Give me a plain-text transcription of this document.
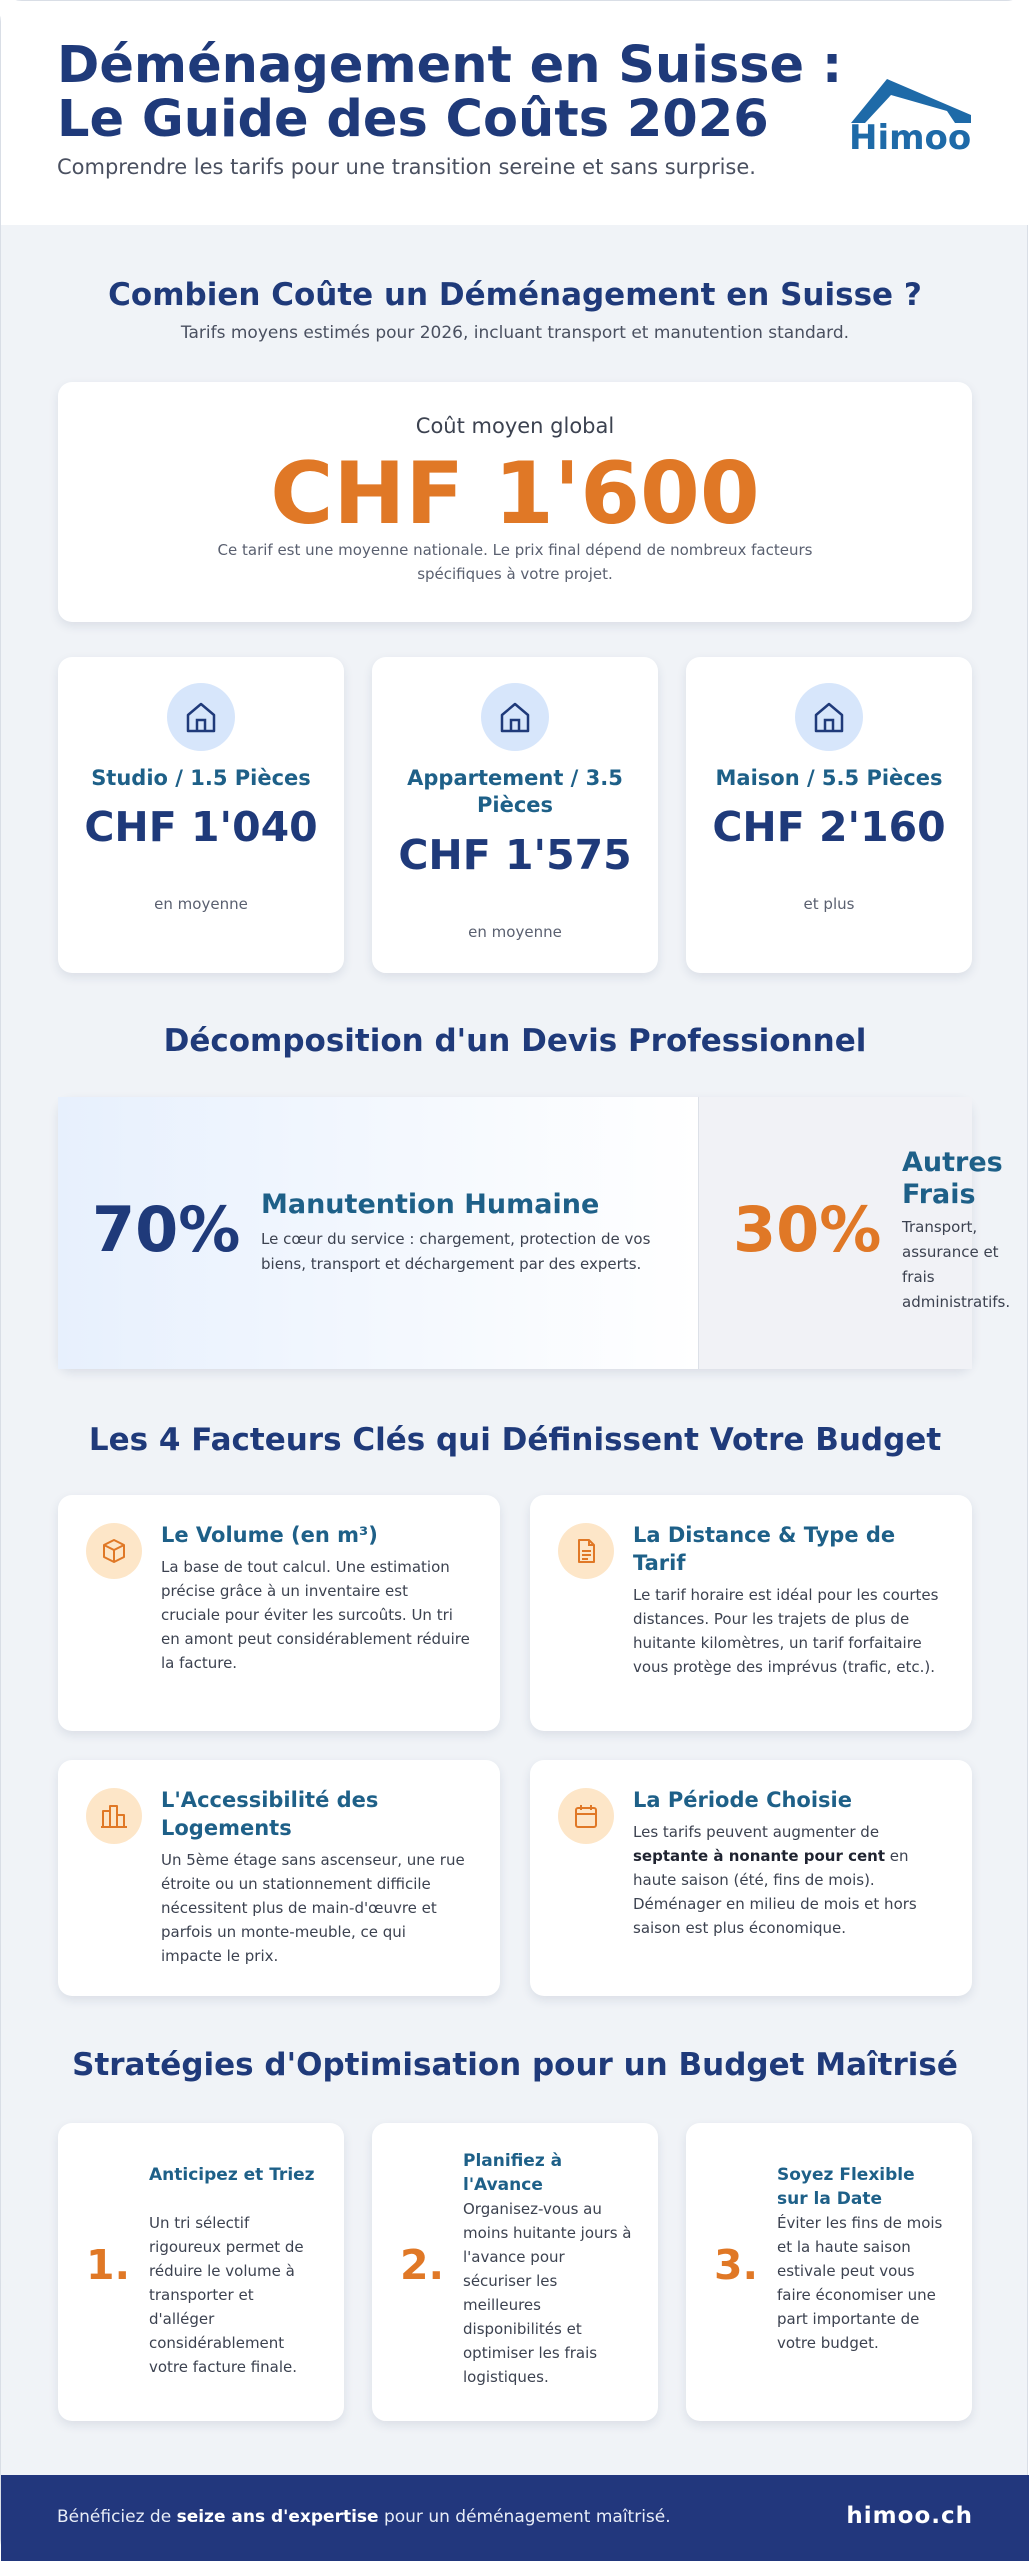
Déménagement en Suisse :
Le Guide des Coûts 2026
Comprendre les tarifs pour une transition sereine et sans surprise.
Himoo
Combien Coûte un Déménagement en Suisse ?
Tarifs moyens estimés pour 2026, incluant transport et manutention standard.
Coût moyen global
CHF 1'600
Ce tarif est une moyenne nationale. Le prix final dépend de nombreux facteurs spécifiques à votre projet.
Studio / 1.5 Pièces
CHF 1'040
en moyenne
Appartement / 3.5 Pièces
CHF 1'575
en moyenne
Maison / 5.5 Pièces
CHF 2'160
et plus
Décomposition d'un Devis Professionnel
70% Manutention Humaine
Le cœur du service : chargement, protection de vos biens, transport et déchargement par des experts.	30%
Autres Frais
Transport, assurance et frais administratifs.
Les 4 Facteurs Clés qui Définissent Votre Budget
Le Volume (en m³)
La base de tout calcul. Une estimation précise grâce à un inventaire est cruciale pour éviter les surcoûts. Un tri en amont peut considérablement réduire la facture.
La Distance & Type de Tarif
Le tarif horaire est idéal pour les courtes distances. Pour les trajets de plus de huitante kilomètres, un tarif forfaitaire vous protège des imprévus (trafic, etc.).
L'Accessibilité des Logements
Un 5ème étage sans ascenseur, une rue étroite ou un stationnement difficile nécessitent plus de main-d'œuvre et parfois un monte-meuble, ce qui impacte le prix.
La Période Choisie
Les tarifs peuvent augmenter de septante à nonante pour cent en haute saison (été, fins de mois). Déménager en milieu de mois et hors saison est plus économique.
Stratégies d'Optimisation pour un Budget Maîtrisé
1.
Anticipez et Triez
Un tri sélectif rigoureux permet de réduire le volume à transporter et d'alléger considérablement votre facture finale.
2.
Planifiez à l'Avance
Organisez-vous au moins huitante jours à l'avance pour sécuriser les meilleures disponibilités et optimiser les frais logistiques.
3.
Soyez Flexible sur la Date
Éviter les fins de mois et la haute saison estivale peut vous faire économiser une part importante de votre budget.
Bénéficiez de seize ans d'expertise pour un déménagement maîtrisé.	himoo.ch
